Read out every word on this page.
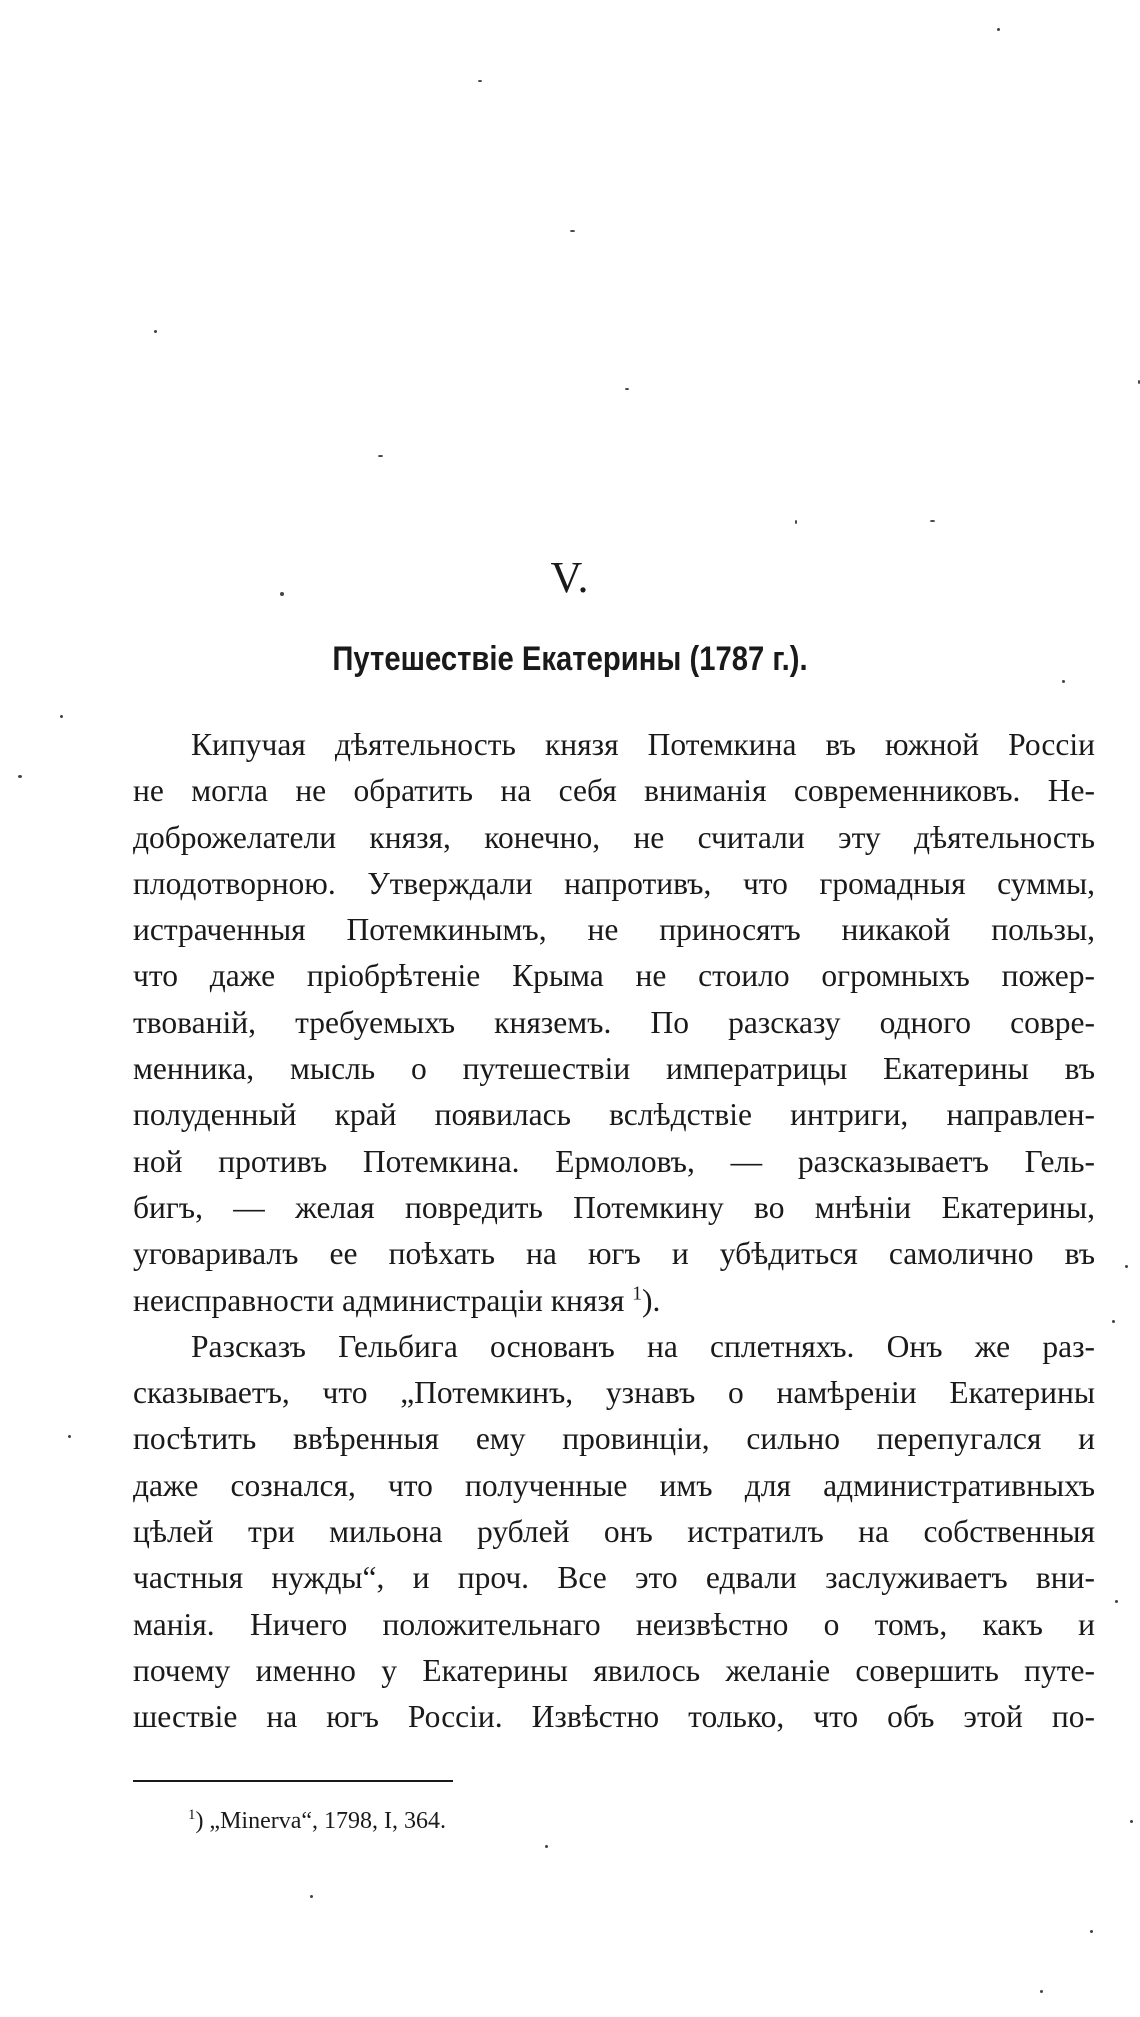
V.
Путешествіе Екатерины (1787 г.).
Кипучая дѣятельность князя Потемкина въ южной Россіи
не могла не обратить на себя вниманія современниковъ. Не-
доброжелатели князя, конечно, не считали эту дѣятельность
плодотворною. Утверждали напротивъ, что громадныя суммы,
истраченныя Потемкинымъ, не приносятъ никакой пользы,
что даже пріобрѣтеніе Крыма не стоило огромныхъ пожер-
твованій, требуемыхъ княземъ. По разсказу одного совре-
менника, мысль о путешествіи императрицы Екатерины въ
полуденный край появилась вслѣдствіе интриги, направлен-
ной противъ Потемкина. Ермоловъ, — разсказываетъ Гель-
бигъ, — желая повредить Потемкину во мнѣніи Екатерины,
уговаривалъ ее поѣхать на югъ и убѣдиться самолично въ
неисправности администраціи князя $^1$).
Разсказъ Гельбига основанъ на сплетняхъ. Онъ же раз-
сказываетъ, что „Потемкинъ, узнавъ о намѣреніи Екатерины
посѣтить ввѣренныя ему провинціи, сильно перепугался и
даже сознался, что полученные имъ для административныхъ
цѣлей три мильона рублей онъ истратилъ на собственныя
частныя нужды“, и проч. Все это едвали заслуживаетъ вни-
манія. Ничего положительнаго неизвѣстно о томъ, какъ и
почему именно у Екатерины явилось желаніе совершить путе-
шествіе на югъ Россіи. Извѣстно только, что объ этой по-
$^1$) „Minerva“, 1798, I, 364.
